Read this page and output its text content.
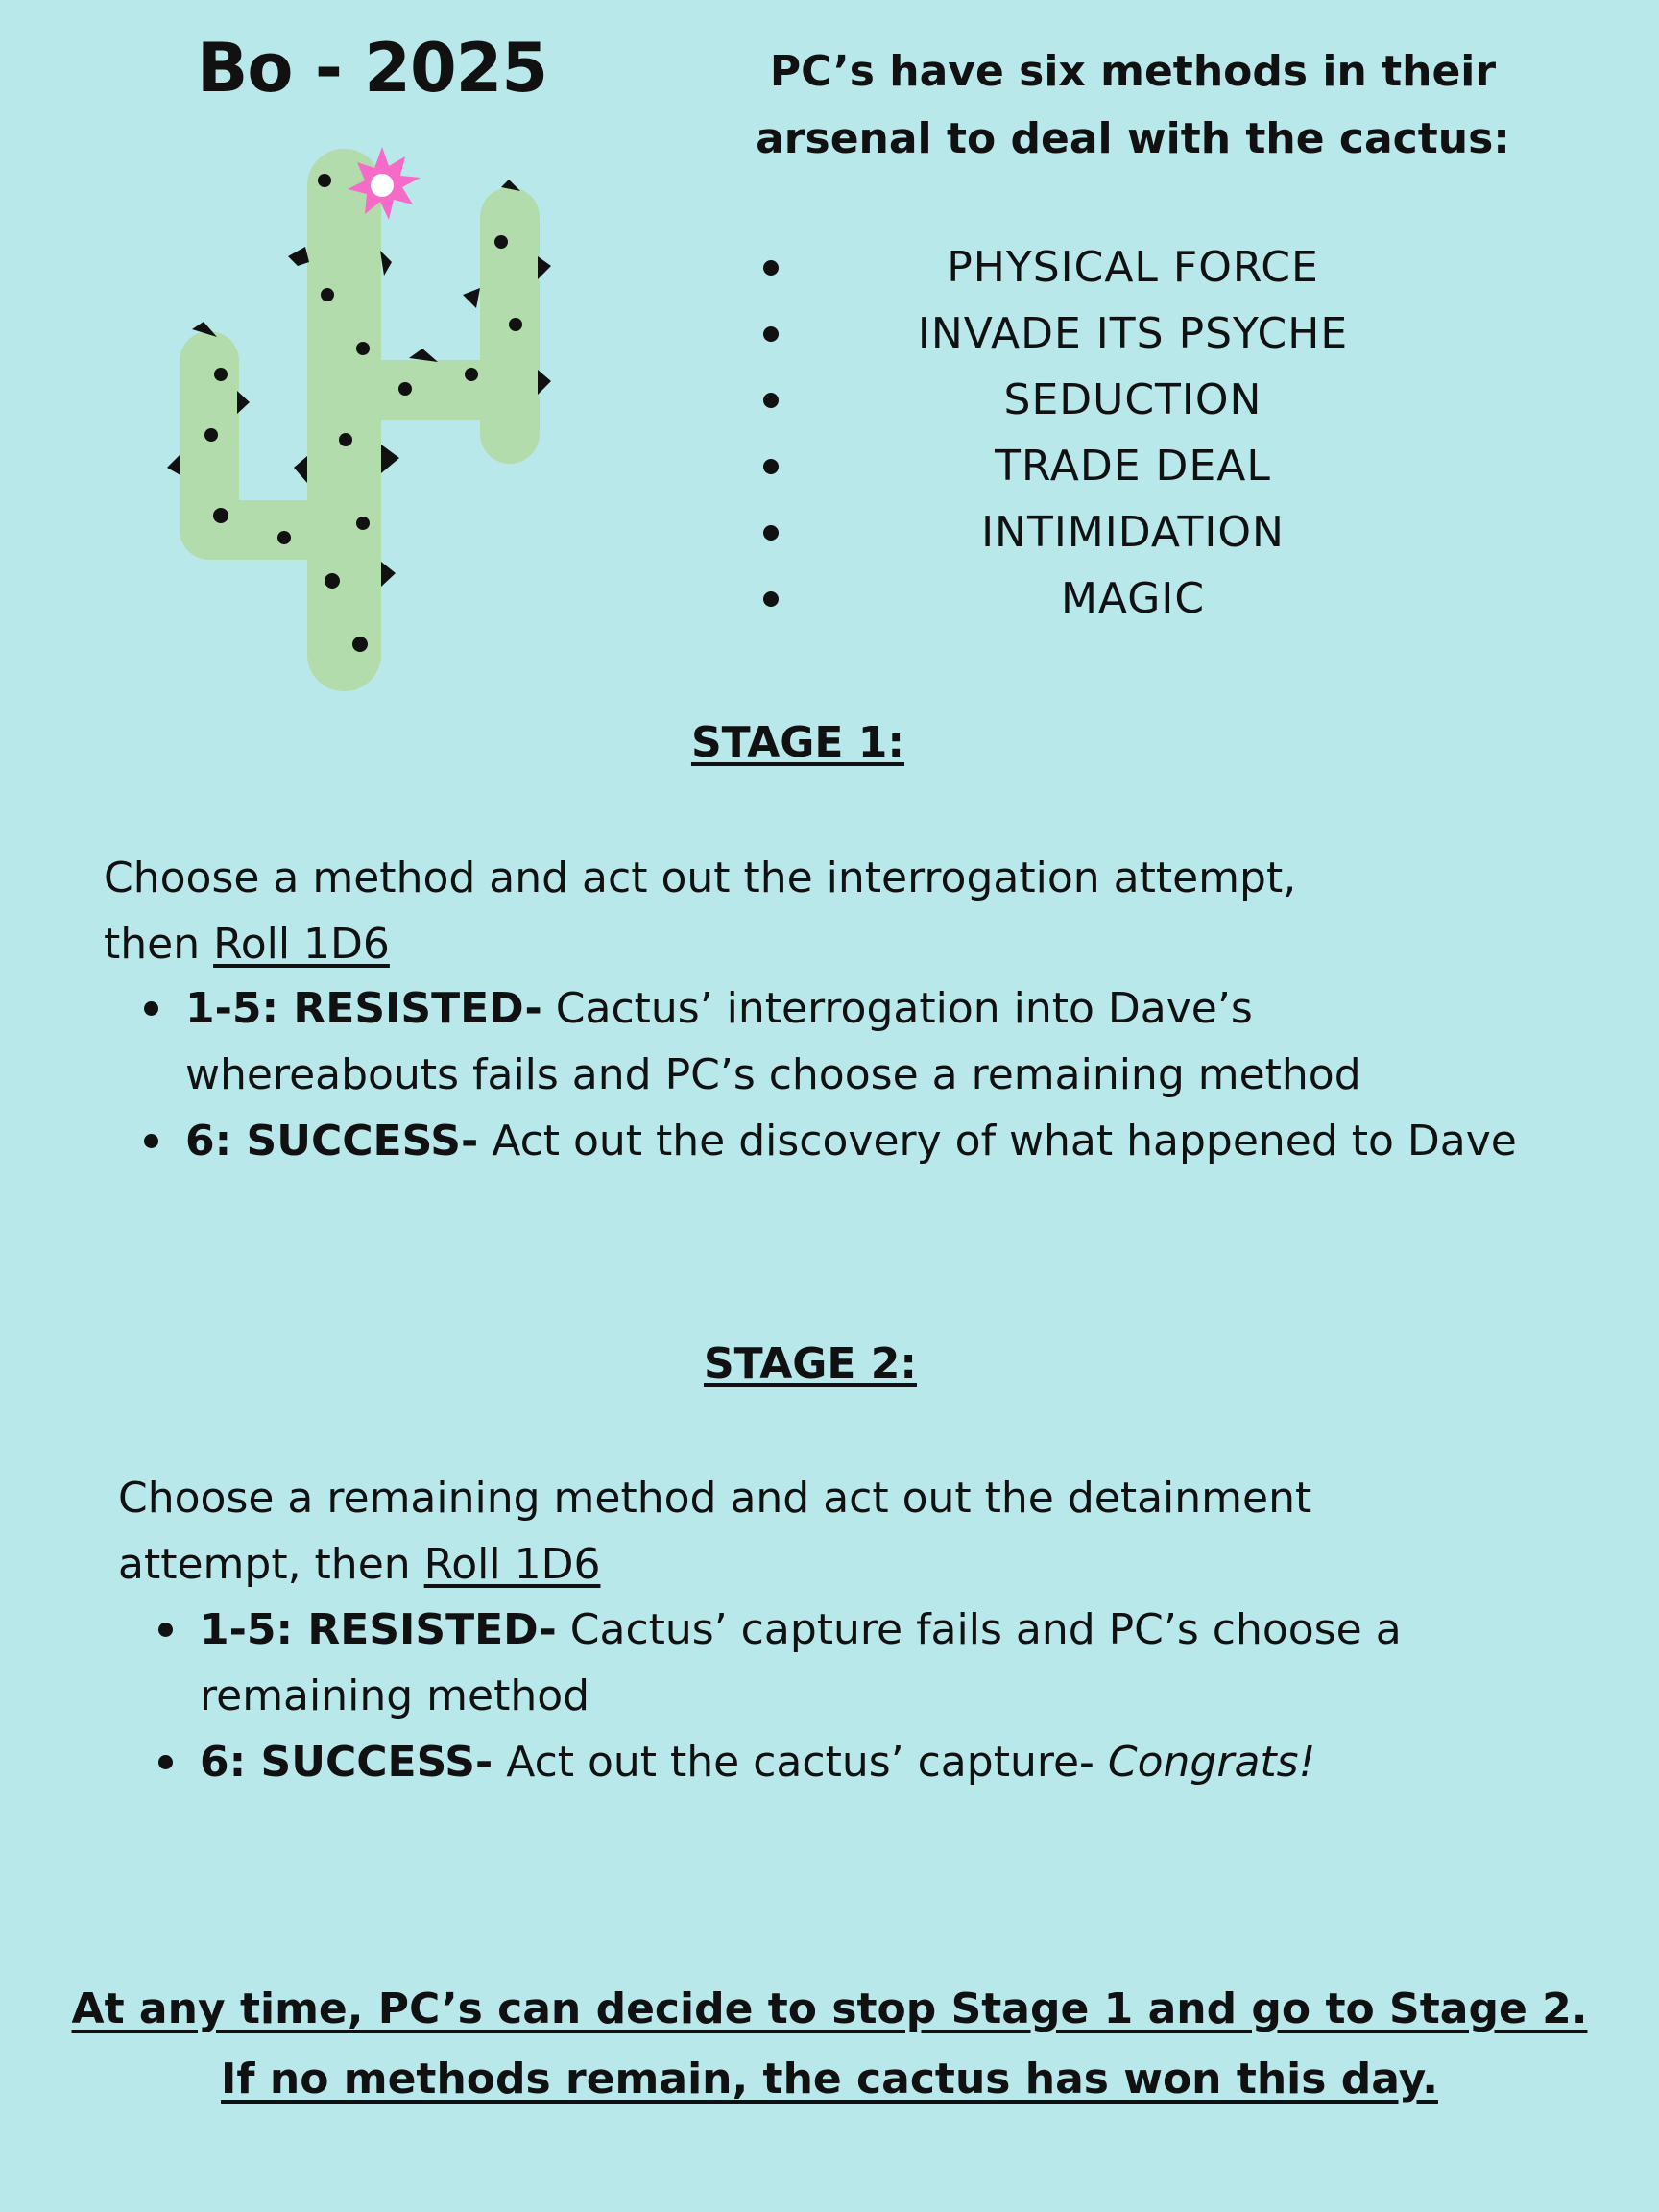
Bo - 2025	PC’s have six methods in their
arsenal to deal with the cactus:
PHYSICAL FORCE
INVADE ITS PSYCHE
SEDUCTION
TRADE DEAL
INTIMIDATION
MAGIC
STAGE 1:
Choose a method and act out the interrogation attempt,
then Roll 1D6
1-5: RESISTED- Cactus’ interrogation into Dave’s whereabouts fails and PC’s choose a remaining method
6: SUCCESS- Act out the discovery of what happened to Dave
STAGE 2:
Choose a remaining method and act out the detainment
attempt, then Roll 1D6
1-5: RESISTED- Cactus’ capture fails and PC’s choose a remaining method
6: SUCCESS- Act out the cactus’ capture- Congrats!
At any time, PC’s can decide to stop Stage 1 and go to Stage 2.
If no methods remain, the cactus has won this day.
